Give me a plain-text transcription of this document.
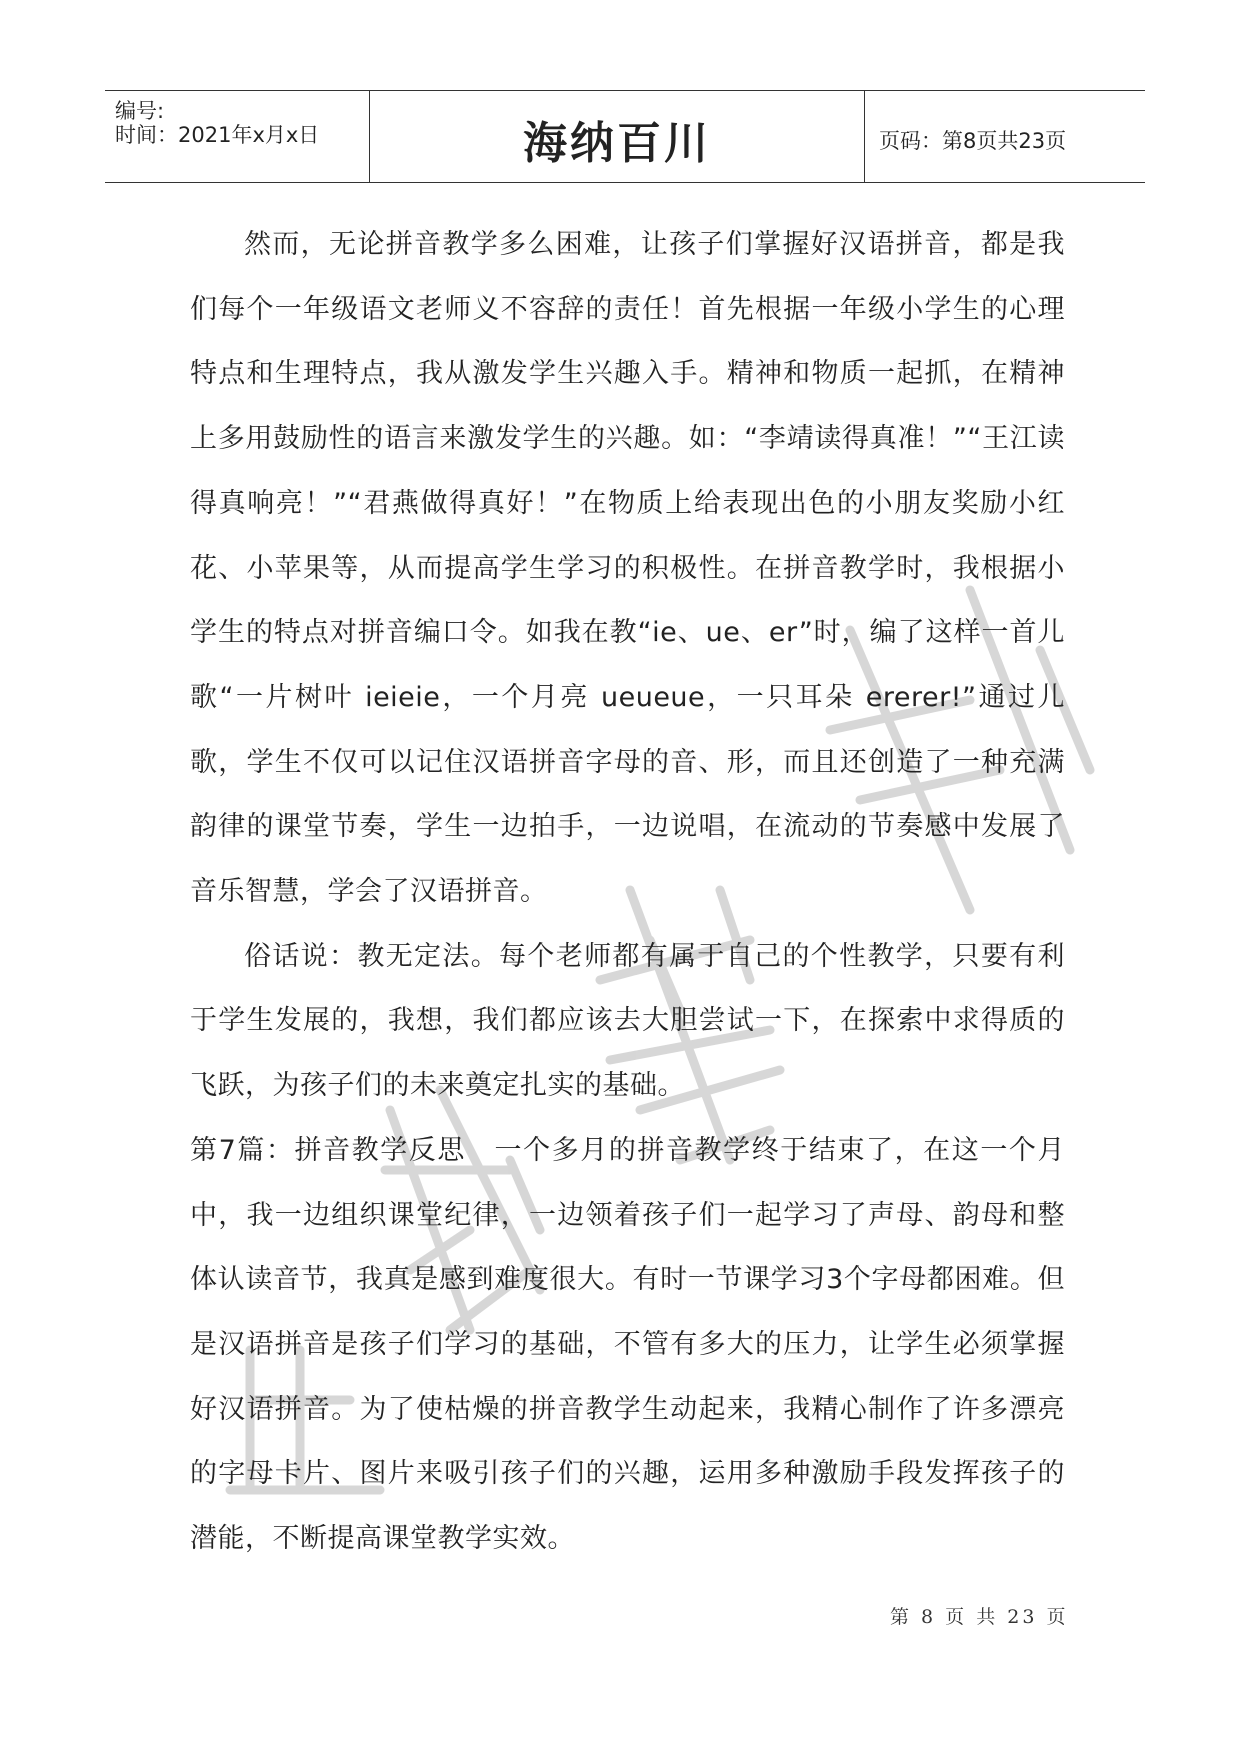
编号:
时间：2021年x月x日	海纳百川	页码：第8页共23页

然而，无论拼音教学多么困难，让孩子们掌握好汉语拼音，都是我们每个一年级语文老师义不容辞的责任！首先根据一年级小学生的心理特点和生理特点，我从激发学生兴趣入手。精神和物质一起抓，在精神上多用鼓励性的语言来激发学生的兴趣。如：“李靖读得真准！”“王江读得真响亮！”“君燕做得真好！”在物质上给表现出色的小朋友奖励小红花、小苹果等，从而提高学生学习的积极性。在拼音教学时，我根据小学生的特点对拼音编口令。如我在教“ie、ue、er”时，编了这样一首儿歌“一片树叶 ieieie，一个月亮 ueueue，一只耳朵 ererer!”通过儿歌，学生不仅可以记住汉语拼音字母的音、形，而且还创造了一种充满韵律的课堂节奏，学生一边拍手，一边说唱，在流动的节奏感中发展了音乐智慧，学会了汉语拼音。

俗话说：教无定法。每个老师都有属于自己的个性教学，只要有利于学生发展的，我想，我们都应该去大胆尝试一下，在探索中求得质的飞跃，为孩子们的未来奠定扎实的基础。

第7篇：拼音教学反思　一个多月的拼音教学终于结束了，在这一个月中，我一边组织课堂纪律，一边领着孩子们一起学习了声母、韵母和整体认读音节，我真是感到难度很大。有时一节课学习3个字母都困难。但是汉语拼音是孩子们学习的基础，不管有多大的压力，让学生必须掌握好汉语拼音。为了使枯燥的拼音教学生动起来，我精心制作了许多漂亮的字母卡片、图片来吸引孩子们的兴趣，运用多种激励手段发挥孩子的潜能，不断提高课堂教学实效。

第 8 页 共 23 页
